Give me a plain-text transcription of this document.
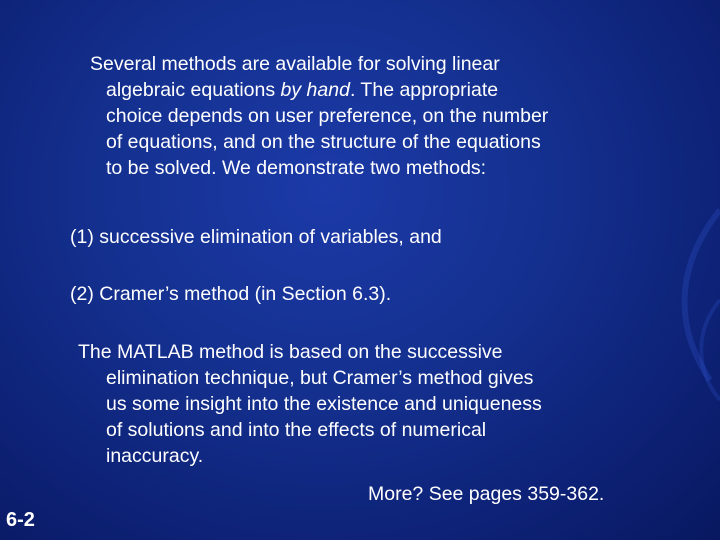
Several methods are available for solving linear
algebraic equations by hand. The appropriate
choice depends on user preference, on the number
of equations, and on the structure of the equations
to be solved. We demonstrate two methods:
(1) successive elimination of variables, and
(2) Cramer’s method (in Section 6.3).
The MATLAB method is based on the successive
elimination technique, but Cramer’s method gives
us some insight into the existence and uniqueness
of solutions and into the effects of numerical
inaccuracy.
More? See pages 359-362.
6-2
